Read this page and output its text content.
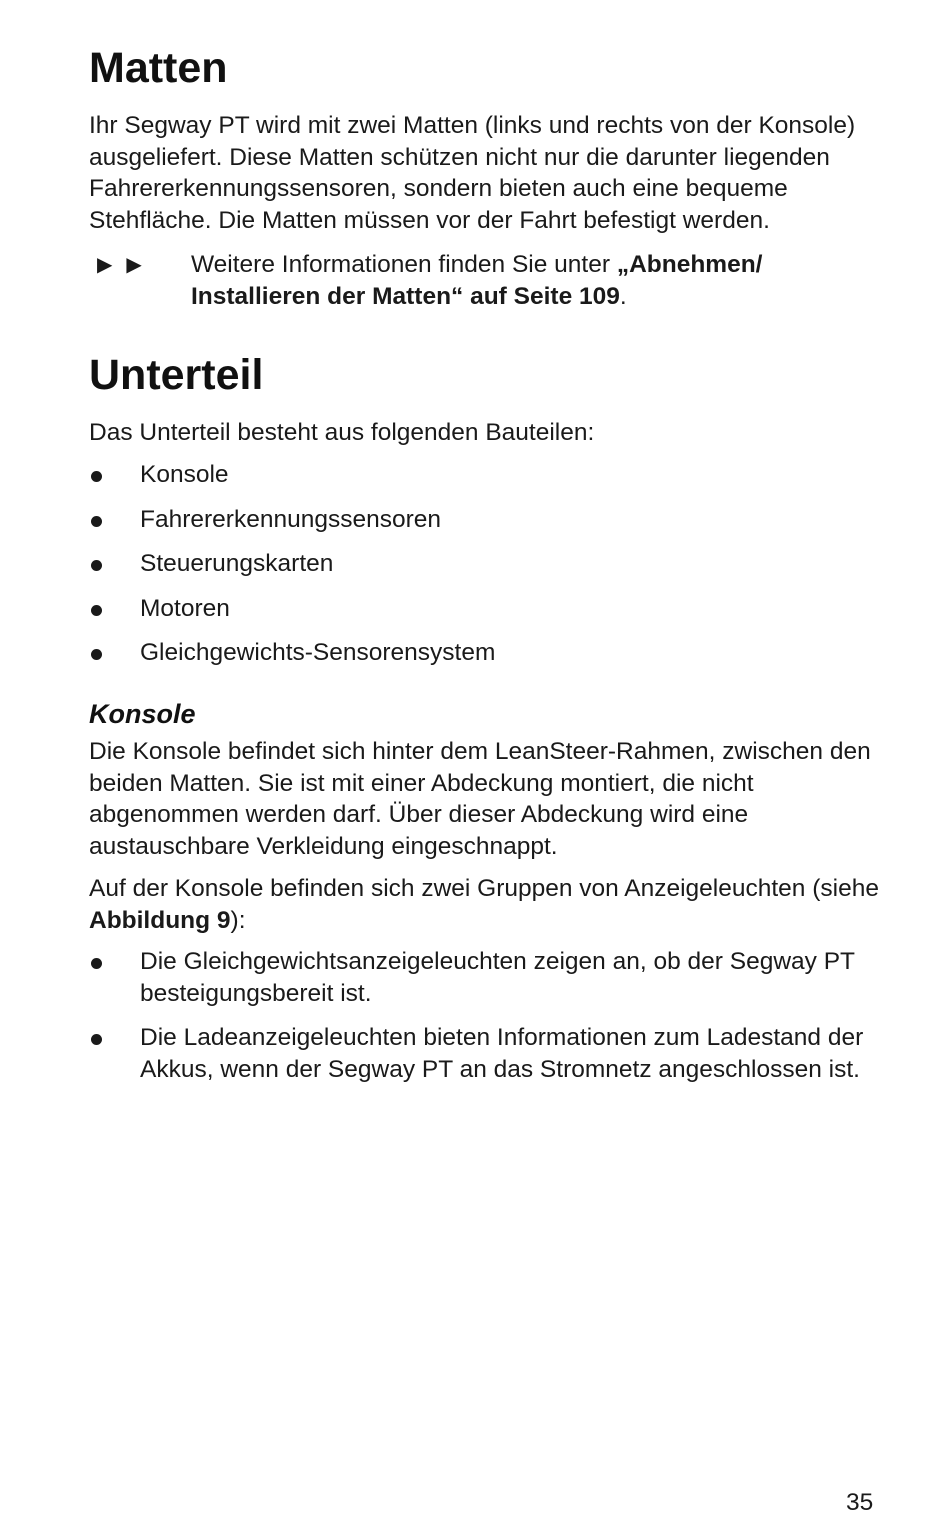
Matten

Ihr Segway PT wird mit zwei Matten (links und rechts von der Konsole) ausgeliefert. Diese Matten schützen nicht nur die darunter liegenden Fahrererkennungssensoren, sondern bieten auch eine bequeme Stehfläche. Die Matten müssen vor der Fahrt befestigt werden.

▶▶ Weitere Informationen finden Sie unter „Abnehmen/ Installieren der Matten“ auf Seite 109.
Unterteil

Das Unterteil besteht aus folgenden Bauteilen:

Konsole
Fahrererkennungssensoren
Steuerungskarten
Motoren
Gleichgewichts-Sensorensystem
Konsole

Die Konsole befindet sich hinter dem LeanSteer-Rahmen, zwischen den beiden Matten. Sie ist mit einer Abdeckung montiert, die nicht abgenommen werden darf. Über dieser Abdeckung wird eine austauschbare Verkleidung eingeschnappt.

Auf der Konsole befinden sich zwei Gruppen von Anzeigeleuchten (siehe Abbildung 9):

Die Gleichgewichtsanzeigeleuchten zeigen an, ob der Segway PT besteigungsbereit ist.
Die Ladeanzeigeleuchten bieten Informationen zum Ladestand der Akkus, wenn der Segway PT an das Stromnetz angeschlossen ist.
35
